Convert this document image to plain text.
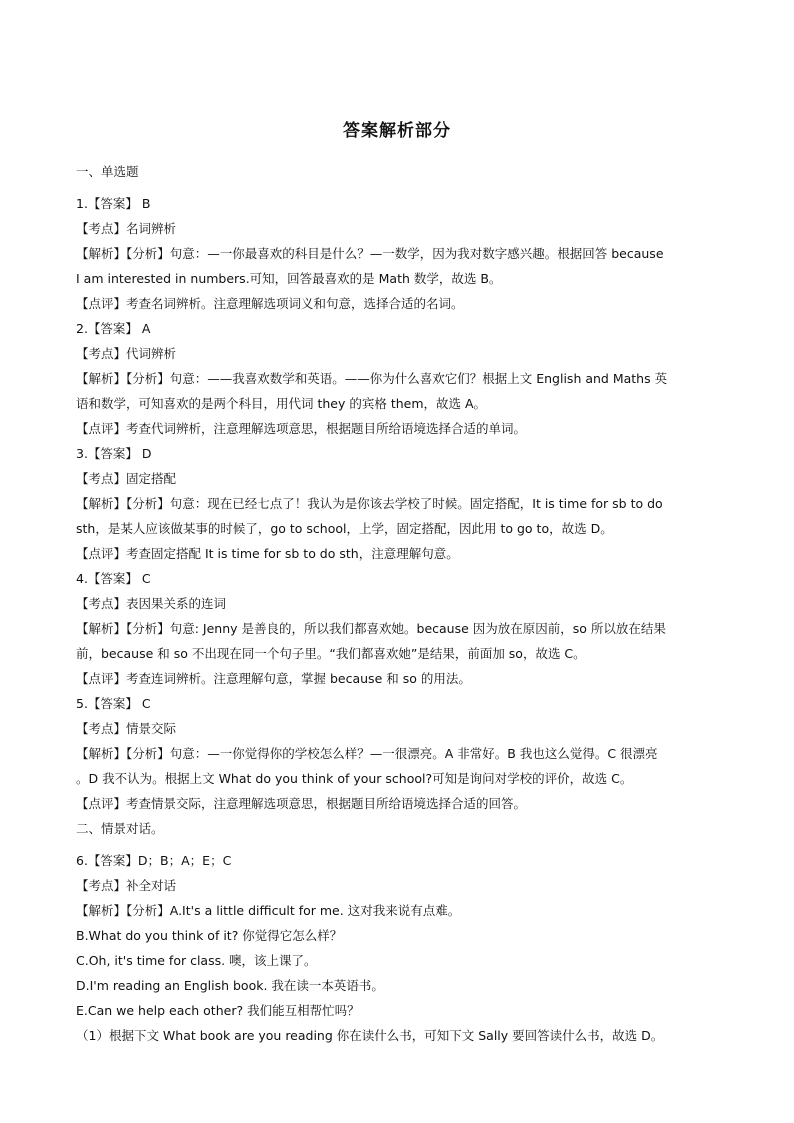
答案解析部分
一、单选题
1.【答案】 B
【考点】名词辨析
【解析】【分析】句意：—一你最喜欢的科目是什么？—一数学，因为我对数字感兴趣。根据回答 because
I am interested in numbers.可知，回答最喜欢的是 Math 数学，故选 B。
【点评】考查名词辨析。注意理解选项词义和句意，选择合适的名词。
2.【答案】 A
【考点】代词辨析
【解析】【分析】句意：——我喜欢数学和英语。——你为什么喜欢它们？根据上文 English and Maths 英
语和数学，可知喜欢的是两个科目，用代词 they 的宾格 them，故选 A。
【点评】考查代词辨析，注意理解选项意思，根据题目所给语境选择合适的单词。
3.【答案】 D
【考点】固定搭配
【解析】【分析】句意：现在已经七点了！我认为是你该去学校了时候。固定搭配，It is time for sb to do
sth，是某人应该做某事的时候了，go to school，上学，固定搭配，因此用 to go to，故选 D。
【点评】考查固定搭配 It is time for sb to do sth，注意理解句意。
4.【答案】 C
【考点】表因果关系的连词
【解析】【分析】句意: Jenny 是善良的，所以我们都喜欢她。because 因为放在原因前，so 所以放在结果
前，because 和 so 不出现在同一个句子里。“我们都喜欢她”是结果，前面加 so，故选 C。
【点评】考查连词辨析。注意理解句意，掌握 because 和 so 的用法。
5.【答案】 C
【考点】情景交际
【解析】【分析】句意：—一你觉得你的学校怎么样？—一很漂亮。A 非常好。B 我也这么觉得。C 很漂亮
。D 我不认为。根据上文 What do you think of your school?可知是询问对学校的评价，故选 C。
【点评】考查情景交际，注意理解选项意思，根据题目所给语境选择合适的回答。
二、情景对话。
6.【答案】D；B；A；E；C
【考点】补全对话
【解析】【分析】A.It's a little difficult for me. 这对我来说有点难。
B.What do you think of it? 你觉得它怎么样？
C.Oh, it's time for class. 噢，该上课了。
D.I'm reading an English book. 我在读一本英语书。
E.Can we help each other? 我们能互相帮忙吗？
（1）根据下文 What book are you reading 你在读什么书，可知下文 Sally 要回答读什么书，故选 D。
